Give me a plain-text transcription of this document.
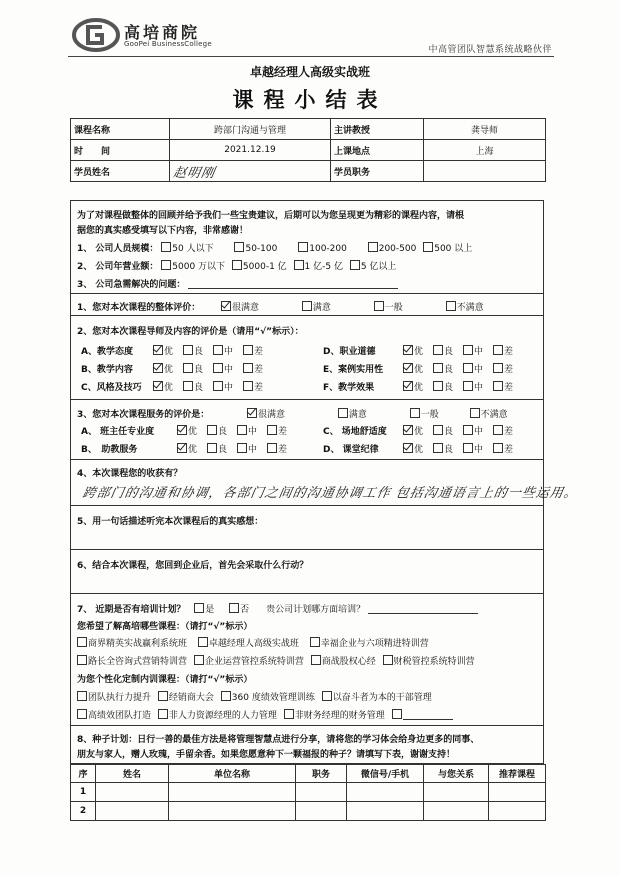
高培商院
GooPei BusinessCollege
中高管团队智慧系统战略伙伴
卓越经理人高级实战班
课程小结表
课程名称	跨部门沟通与管理	主讲教授	龚导师
时　　间	2021.12.19	上课地点	上海
学员姓名	赵明刚	学员职务	
为了对课程做整体的回顾并给予我们一些宝贵建议，后期可以为您呈现更为精彩的课程内容，请根
据您的真实感受填写以下内容，非常感谢！
1、 公司人员规模： 50 人以下	50-100	100-200	200-500 500 以上
2、 公司年营业额： 5000 万以下 5000-1 亿 1 亿-5 亿 5 亿以上
3、 公司急需解决的问题：
1、您对本次课程的整体评价：	很满意	满意	一般	不满意
2、您对本次课程导师及内容的评价是（请用“√”标示）：
A、教学态度	优 良 中 差	D、职业道德	优 良 中 差
B、教学内容	优 良 中 差	E、案例实用性	优 良 中 差
C、风格及技巧 优 良 中 差	F、教学效果	优 良 中 差
3、您对本次课程服务的评价是：	很满意	满意	一般	不满意
A、 班主任专业度	优 良 中 差	C、 场地舒适度	优 良 中 差
B、　助教服务	优 良 中 差	D、 课堂纪律	优 良 中 差
4、本次课程您的收获有？
跨部门的沟通和协调，各部门之间的沟通协调工作 包括沟通语言上的一些运用。
5、用一句话描述听完本次课程后的真实感想：
6、结合本次课程，您回到企业后，首先会采取什么行动？
7、 近期是否有培训计划？ 是	否 贵公司计划哪方面培训？
您希望了解高培哪些课程：（请打“√”标示）
商界精英实战赢利系统班 卓越经理人高级实战班 幸福企业与六项精进特训营
路长全咨询式营销特训营 企业运营管控系统特训营 商战股权心经 财税管控系统特训营
为您个性化定制内训课程：（请打“√”标示）
团队执行力提升 经销商大会 360 度绩效管理训练 以奋斗者为本的干部管理
高绩效团队打造 非人力资源经理的人力管理 非财务经理的财务管理
8、种子计划：日行一善的最佳方法是将管理智慧点进行分享，请将您的学习体会给身边更多的同事、
朋友与家人，赠人玫瑰，手留余香。如果您愿意种下一颗福报的种子？请填写下表，谢谢支持！
序	姓名	单位名称	职务	微信号/手机	与您关系	推荐课程
1						
2						
